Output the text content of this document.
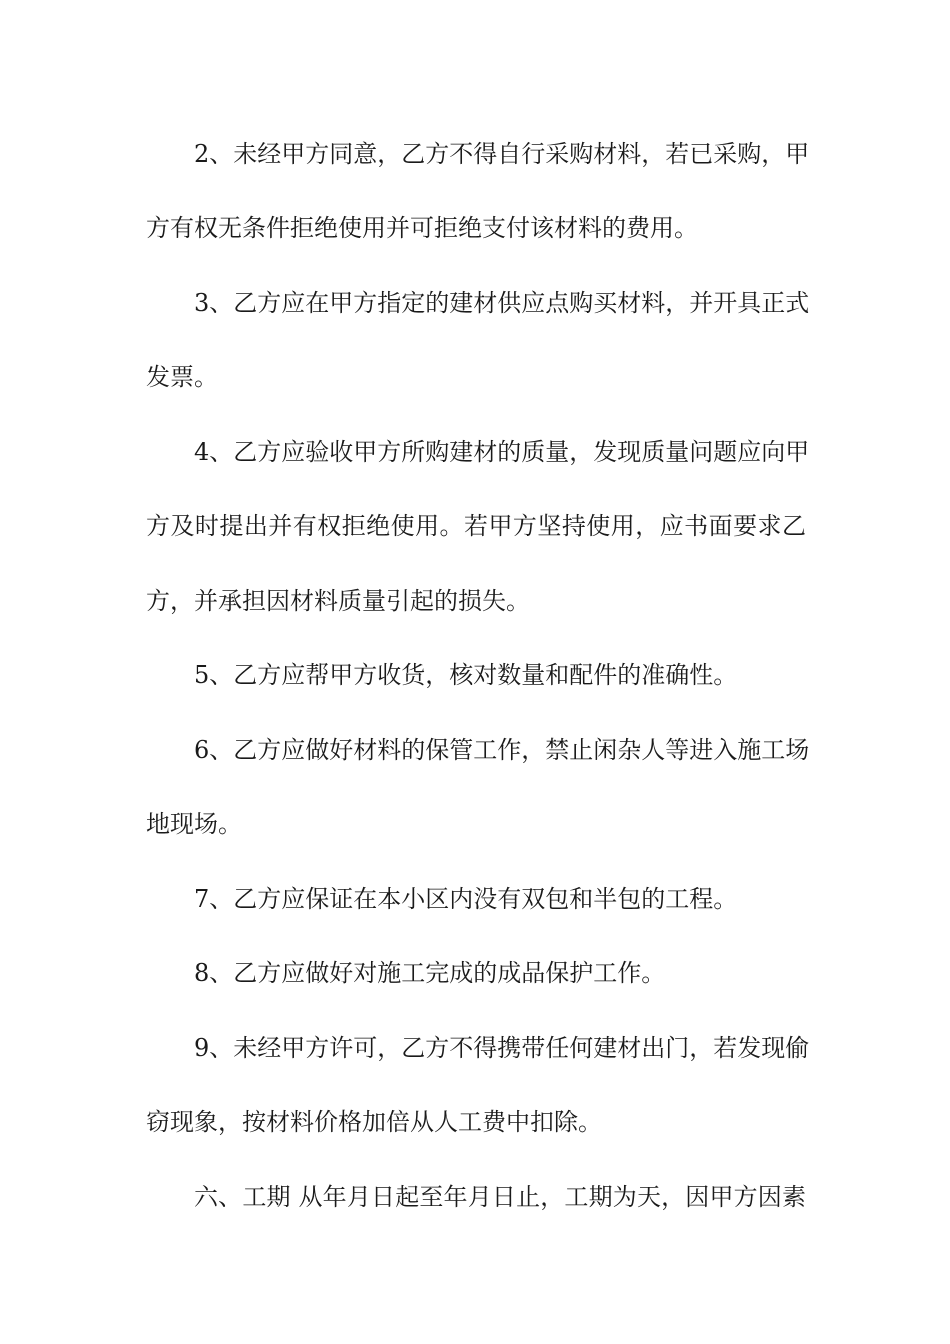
2、未经甲方同意，乙方不得自行采购材料，若已采购，甲
方有权无条件拒绝使用并可拒绝支付该材料的费用。
3、乙方应在甲方指定的建材供应点购买材料，并开具正式
发票。
4、乙方应验收甲方所购建材的质量，发现质量问题应向甲
方及时提出并有权拒绝使用。若甲方坚持使用，应书面要求乙
方，并承担因材料质量引起的损失。
5、乙方应帮甲方收货，核对数量和配件的准确性。
6、乙方应做好材料的保管工作，禁止闲杂人等进入施工场
地现场。
7、乙方应保证在本小区内没有双包和半包的工程。
8、乙方应做好对施工完成的成品保护工作。
9、未经甲方许可，乙方不得携带任何建材出门，若发现偷
窃现象，按材料价格加倍从人工费中扣除。
六、工期 从年月日起至年月日止，工期为天，因甲方因素
